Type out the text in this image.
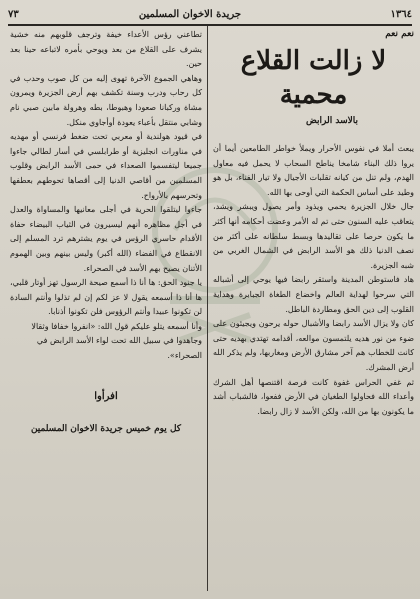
٧٣	جريدة الاخوان المسلمين	١٣٦٤
نعم نعم
لا زالت القلاع محمية
بالاسد الرابض

يبعث أملا في نفوس الأحرار ويملأ خواطر الطامعين أيما أن يروا ذلك البناء شامخا يناطح السحاب لا يحمل فيه معاول الهدم، ولم تنل من كيانه تقلبات الأجيال ولا تيار الفناء، بل هو وطيد على أساس الحكمة التي أوحى بها الله.

جال خلال الجزيرة يحمي ويذود وأمر يصول ويبشر ويشد، يتعاقب عليه السنون حتى تم له الأمر وعضت أحكامه أنها أكثر ما يكون حرصا على تقاليدها وبسط سلطانه على أكثر من نصف الدنيا ذلك هو الأسد الرابض في الشمال الغربي من شبه الجزيرة.

هاد فاستوطن المدينة واستقر رابضا فيها يوحي إلى أشباله التي سرحوا لهداية العالم واخضاع الطغاة الجبابرة وهداية القلوب إلى دين الحق ومطاردة الباطل.

كان ولا يزال الأسد رابضا والأشبال حوله يرحون ويجيئون على ضوء من نور هديه يلتمسون موالعه، أقدامه تهتدي بهديه حتى كانت للخطاب هم آخر مشارق الأرض ومغاربها، ولم يذكر الله أرض المشرك.

ثم غفي الحراس غفوة كانت فرصة اقتنصها أهل الشرك وأعداء الله فحاولوا الطغيان في الأرض ففعوا، فالشباب أشد ما يكونون بها من الله، ولكن الأسد لا زال رابضا.

تطاعني رؤس الأعداء خيفة وترجف قلوبهم منه خشية يشرف على القلاع من بعد ويوحي بأمره لاتباعه حينا بعد حين.

وهاهي الجموع الآخرة تهوى إليه من كل صوب وحدب في كل رحاب ودرب وسنة تكشف بهم أرض الجزيرة ويمرون مشاة وركبانا صعودا وهبوطا، بطه وهرولة مابين صبي نام وشابي منتقل بأعباء يعودة أوأجاوي منكل.

في قيود هولندية أو معربي تحت ضغط فرنسي أو مهديه في مناورات انجليزية أو طرابلسي في أسار لطالي جاءوا جميعا ليتفسموا الصعداء في حمى الأسد الرابض وقلوب المسلمين من أقاصي الدنيا إلى أقصاها تحوطهم بعطفها وتحرسهم بالأرواح.

جاءوا ليتلقوا الحرية في أجلى معانيها والمساواة والعدل في أجل مظاهره أنهم ليسيرون في الثياب البيضاء حفاة الأقدام حاسري الرؤس في يوم يشترهم ترد المسلم إلى الانقطاع في الفضاء (الله أكبر) وليس بينهم وبين الهموم الأتنان يصيح بهم الأسد في الصحراء.

يا جنود الحق: ها أنا ذا أسمع صيحة الرسول تهز أوتار قلبي، ها أنا ذا أسمعه يقول لا عز لكم إن لم تذلوا وأنتم السادة لن تكونوا عبيدا وأنتم الرؤوس فلن تكونوا أذنابا.

وأنا أسمعه يتلو عليكم قول الله: «انفروا خفافا وثقالا وجاهدوا في سبيل الله تحت لواء الأسد الرابض في الصحراء».

افرأوا
كل يوم خميس جريدة الاخوان المسلمين
